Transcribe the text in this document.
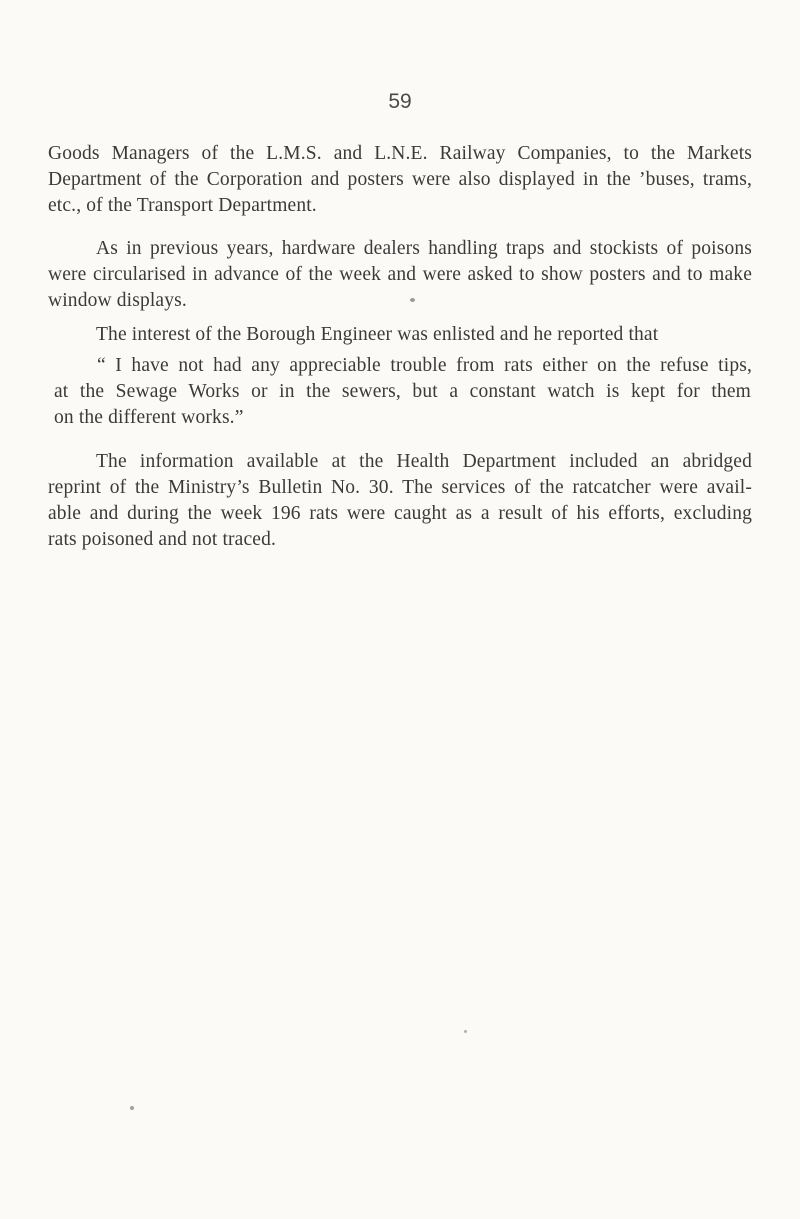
59
Goods Managers of the L.M.S. and L.N.E. Railway Companies, to the Markets
Department of the Corporation and posters were also displayed in the ’buses, trams,
etc., of the Transport Department.
As in previous years, hardware dealers handling traps and stockists of poisons
were circularised in advance of the week and were asked to show posters and to make
window displays.
The interest of the Borough Engineer was enlisted and he reported that
“ I have not had any appreciable trouble from rats either on the refuse tips,
at the Sewage Works or in the sewers, but a constant watch is kept for them
on the different works.”
The information available at the Health Department included an abridged
reprint of the Ministry’s Bulletin No. 30. The services of the ratcatcher were avail-
able and during the week 196 rats were caught as a result of his efforts, excluding
rats poisoned and not traced.
